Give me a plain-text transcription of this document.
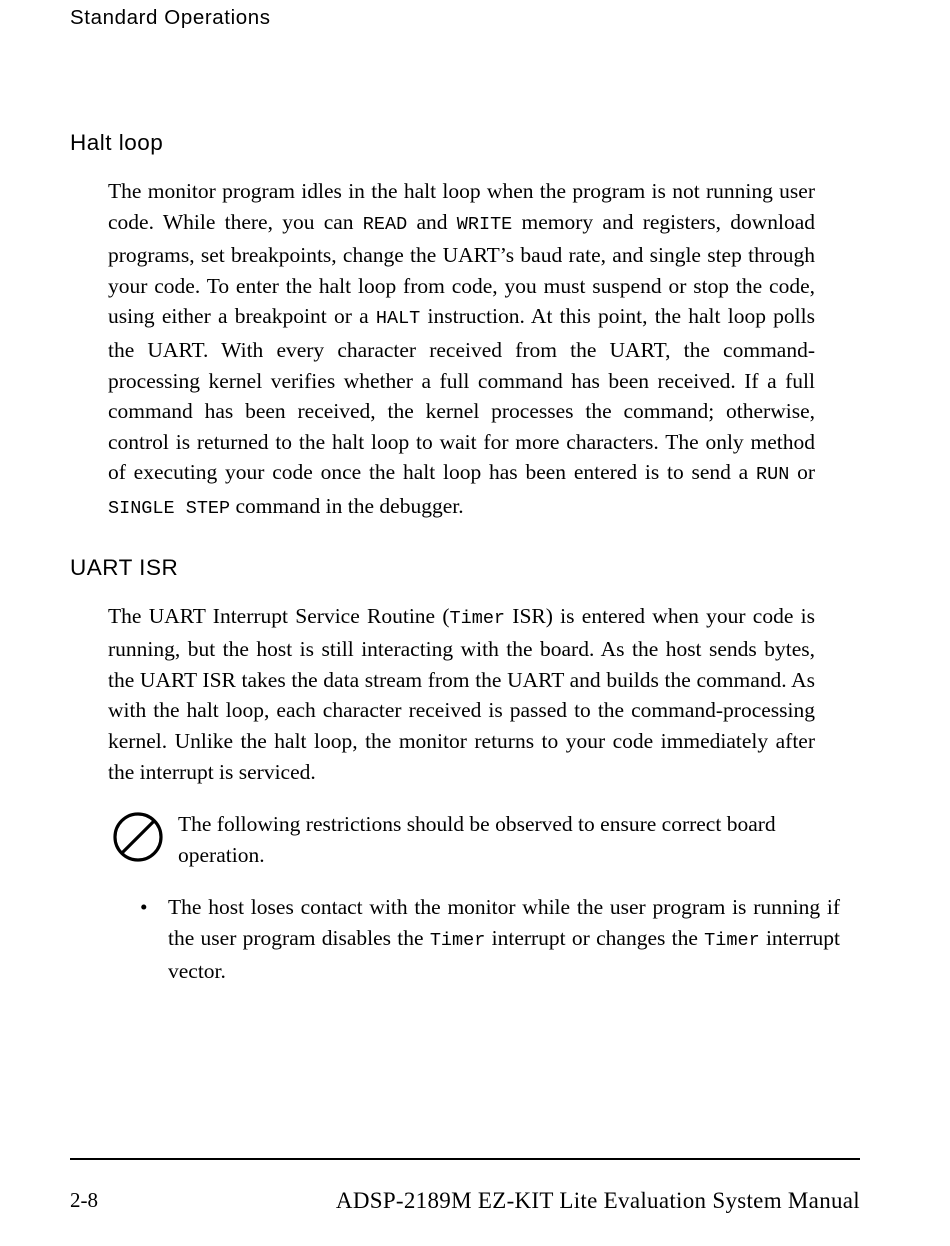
Standard Operations
Halt loop

The monitor program idles in the halt loop when the program is not running user code. While there, you can READ and WRITE memory and registers, download programs, set breakpoints, change the UART’s baud rate, and single step through your code. To enter the halt loop from code, you must suspend or stop the code, using either a breakpoint or a HALT instruction. At this point, the halt loop polls the UART. With every character received from the UART, the command-processing kernel verifies whether a full command has been received. If a full command has been received, the kernel processes the command; otherwise, control is returned to the halt loop to wait for more characters. The only method of executing your code once the halt loop has been entered is to send a RUN or SINGLE STEP command in the debugger.

UART ISR

The UART Interrupt Service Routine (Timer ISR) is entered when your code is running, but the host is still interacting with the board. As the host sends bytes, the UART ISR takes the data stream from the UART and builds the command. As with the halt loop, each character received is passed to the command-processing kernel. Unlike the halt loop, the monitor returns to your code immediately after the interrupt is serviced.

The following restrictions should be observed to ensure correct board operation.
• The host loses contact with the monitor while the user program is running if the user program disables the Timer interrupt or changes the Timer interrupt vector.
2-8	ADSP-2189M EZ-KIT Lite Evaluation System Manual
